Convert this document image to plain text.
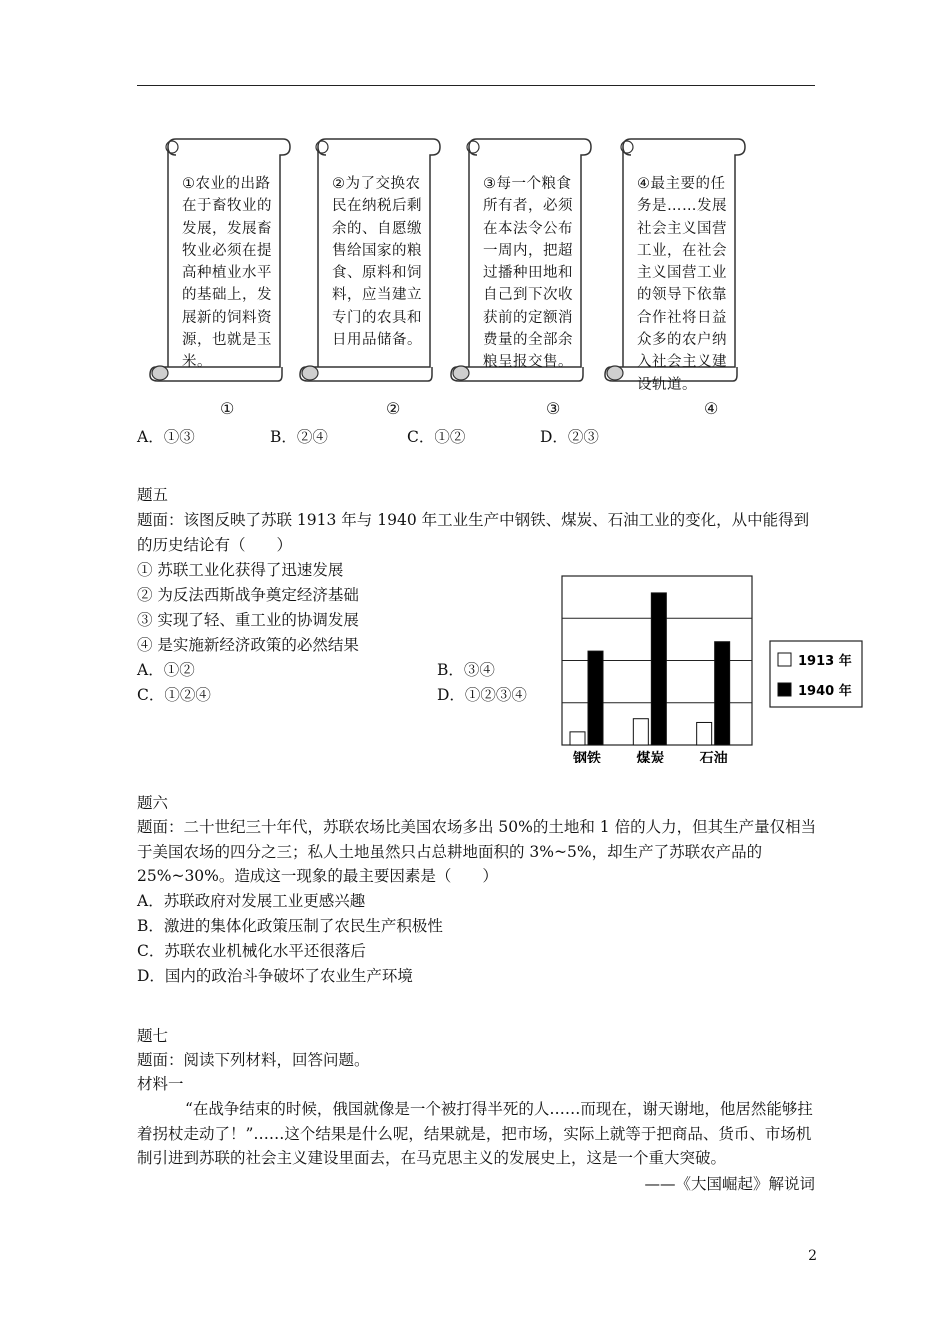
①农业的出路在于畜牧业的发展，发展畜牧业必须在提高种植业水平的基础上，发展新的饲料资源，也就是玉米。
②为了交换农民在纳税后剩余的、自愿缴售给国家的粮食、原料和饲料，应当建立专门的农具和日用品储备。
③每一个粮食所有者，必须在本法令公布一周内，把超过播种田地和自己到下次收获前的定额消费量的全部余粮呈报交售。
④最主要的任务是……发展社会主义国营工业，在社会主义国营工业的领导下依靠合作社将日益众多的农户纳入社会主义建设轨道。
①	②	③	④
A．①③	B．②④	C．①②	D．②③
题五
题面：该图反映了苏联 1913 年与 1940 年工业生产中钢铁、煤炭、石油工业的变化，从中能得到
的历史结论有（　　）
① 苏联工业化获得了迅速发展
② 为反法西斯战争奠定经济基础
③ 实现了轻、重工业的协调发展
④ 是实施新经济政策的必然结果
A．①②	B．③④
C．①②④	D．①②③④
钢铁	煤炭	石油
1913 年
1940 年
题六
题面：二十世纪三十年代，苏联农场比美国农场多出 50%的土地和 1 倍的人力，但其生产量仅相当于美国农场的四分之三；私人土地虽然只占总耕地面积的 3%~5%，却生产了苏联农产品的 25%~30%。造成这一现象的最主要因素是（　　）
A．苏联政府对发展工业更感兴趣
B．激进的集体化政策压制了农民生产积极性
C．苏联农业机械化水平还很落后
D．国内的政治斗争破坏了农业生产环境
题七
题面：阅读下列材料，回答问题。
材料一
“在战争结束的时候，俄国就像是一个被打得半死的人……而现在，谢天谢地，他居然能够拄着拐杖走动了！”……这个结果是什么呢，结果就是，把市场，实际上就等于把商品、货币、市场机制引进到苏联的社会主义建设里面去，在马克思主义的发展史上，这是一个重大突破。
——《大国崛起》解说词
2
